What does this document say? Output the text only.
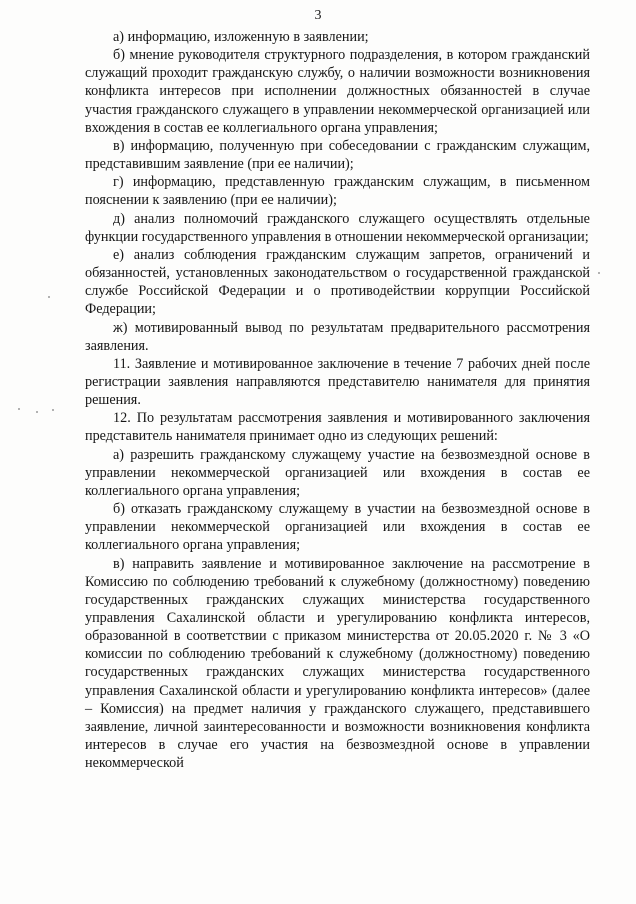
3

а) информацию, изложенную в заявлении;

б) мнение руководителя структурного подразделения, в котором гражданский служащий проходит гражданскую службу, о наличии возможности возникновения конфликта интересов при исполнении должностных обязанностей в случае участия гражданского служащего в управлении некоммерческой организацией или вхождения в состав ее коллегиального органа управления;

в) информацию, полученную при собеседовании с гражданским служащим, представившим заявление (при ее наличии);

г) информацию, представленную гражданским служащим, в письменном пояснении к заявлению (при ее наличии);

д) анализ полномочий гражданского служащего осуществлять отдельные функции государственного управления в отношении некоммерческой организации;

е) анализ соблюдения гражданским служащим запретов, ограничений и обязанностей, установленных законодательством о государственной гражданской службе Российской Федерации и о противодействии коррупции Российской Федерации;

ж) мотивированный вывод по результатам предварительного рассмотрения заявления.

11. Заявление и мотивированное заключение в течение 7 рабочих дней после регистрации заявления направляются представителю нанимателя для принятия решения.

12. По результатам рассмотрения заявления и мотивированного заключения представитель нанимателя принимает одно из следующих решений:

а) разрешить гражданскому служащему участие на безвозмездной основе в управлении некоммерческой организацией или вхождения в состав ее коллегиального органа управления;

б) отказать гражданскому служащему в участии на безвозмездной основе в управлении некоммерческой организацией или вхождения в состав ее коллегиального органа управления;

в) направить заявление и мотивированное заключение на рассмотрение в Комиссию по соблюдению требований к служебному (должностному) поведению государственных гражданских служащих министерства государственного управления Сахалинской области и урегулированию конфликта интересов, образованной в соответствии с приказом министерства от 20.05.2020 г. № 3 «О комиссии по соблюдению требований к служебному (должностному) поведению государственных гражданских служащих министерства государственного управления Сахалинской области и урегулированию конфликта интересов» (далее – Комиссия) на предмет наличия у гражданского служащего, представившего заявление, личной заинтересованности и возможности возникновения конфликта интересов в случае его участия на безвозмездной основе в управлении некоммерческой
